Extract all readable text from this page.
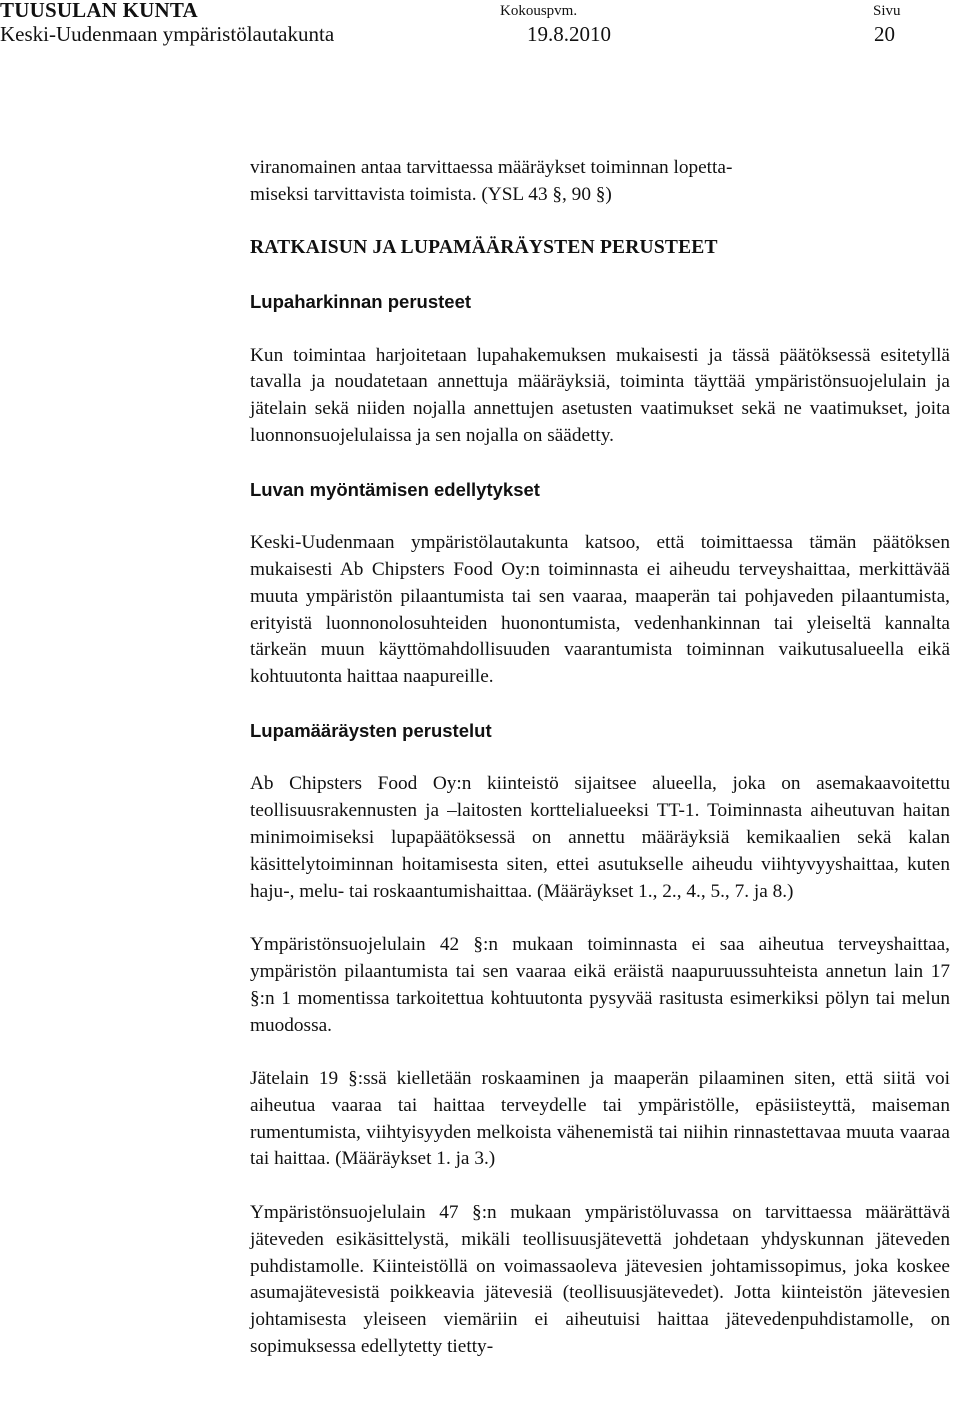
TUUSULAN KUNTA
Keski-Uudenmaan ympäristölautakunta
Kokouspvm.
19.8.2010
Sivu
20

viranomainen antaa tarvittaessa määräykset toiminnan lopetta-

miseksi tarvittavista toimista. (YSL 43 §, 90 §)

RATKAISUN JA LUPAMÄÄRÄYSTEN PERUSTEET

Lupaharkinnan perusteet

Kun toimintaa harjoitetaan lupahakemuksen mukaisesti ja tässä päätöksessä esitetyllä tavalla ja noudatetaan annettuja määräyksiä, toiminta täyttää ympäristönsuojelulain ja jätelain sekä niiden nojalla annettujen asetusten vaatimukset sekä ne vaatimukset, joita luonnonsuojelulaissa ja sen nojalla on säädetty.

Luvan myöntämisen edellytykset

Keski-Uudenmaan ympäristölautakunta katsoo, että toimittaessa tämän päätöksen mukaisesti Ab Chipsters Food Oy:n toiminnasta ei aiheudu terveyshaittaa, merkittävää muuta ympäristön pilaantumista tai sen vaaraa, maaperän tai pohjaveden pilaantumista, erityistä luonnonolosuhteiden huonontumista, vedenhankinnan tai yleiseltä kannalta tärkeän muun käyttömahdollisuuden vaarantumista toiminnan vaikutusalueella eikä kohtuutonta haittaa naapureille.

Lupamääräysten perustelut

Ab Chipsters Food Oy:n kiinteistö sijaitsee alueella, joka on asemakaavoitettu teollisuusrakennusten ja –laitosten korttelialueeksi TT-1. Toiminnasta aiheutuvan haitan minimoimiseksi lupapäätöksessä on annettu määräyksiä kemikaalien sekä kalan käsittelytoiminnan hoitamisesta siten, ettei asutukselle aiheudu viihtyvyyshaittaa, kuten haju-, melu- tai roskaantumishaittaa. (Määräykset 1., 2., 4., 5., 7. ja 8.)

Ympäristönsuojelulain 42 §:n mukaan toiminnasta ei saa aiheutua terveyshaittaa, ympäristön pilaantumista tai sen vaaraa eikä eräistä naapuruussuhteista annetun lain 17 §:n 1 momentissa tarkoitettua kohtuutonta pysyvää rasitusta esimerkiksi pölyn tai melun muodossa.

Jätelain 19 §:ssä kielletään roskaaminen ja maaperän pilaaminen siten, että siitä voi aiheutua vaaraa tai haittaa terveydelle tai ympäristölle, epäsiisteyttä, maiseman rumentumista, viihtyisyyden melkoista vähenemistä tai niihin rinnastettavaa muuta vaaraa tai haittaa. (Määräykset 1. ja 3.)

Ympäristönsuojelulain 47 §:n mukaan ympäristöluvassa on tarvittaessa määrättävä jäteveden esikäsittelystä, mikäli teollisuusjätevettä johdetaan yhdyskunnan jäteveden puhdistamolle. Kiinteistöllä on voimassaoleva jätevesien johtamissopimus, joka koskee asumajätevesistä poikkeavia jätevesiä (teollisuusjätevedet). Jotta kiinteistön jätevesien johtamisesta yleiseen viemäriin ei aiheutuisi haittaa jätevedenpuhdistamolle, on sopimuksessa edellytetty tietty-
